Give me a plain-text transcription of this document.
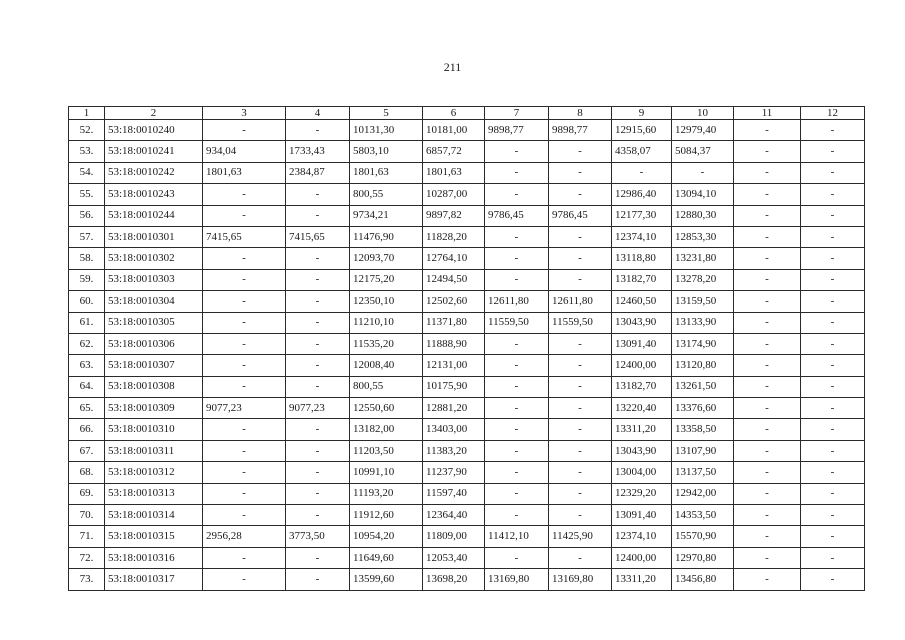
211
1	2	3	4	5	6	7	8	9	10	11	12
52.	53:18:0010240	-	-	10131,30	10181,00	9898,77	9898,77	12915,60	12979,40	-	-
53.	53:18:0010241	934,04	1733,43	5803,10	6857,72	-	-	4358,07	5084,37	-	-
54.	53:18:0010242	1801,63	2384,87	1801,63	1801,63	-	-	-	-	-	-
55.	53:18:0010243	-	-	800,55	10287,00	-	-	12986,40	13094,10	-	-
56.	53:18:0010244	-	-	9734,21	9897,82	9786,45	9786,45	12177,30	12880,30	-	-
57.	53:18:0010301	7415,65	7415,65	11476,90	11828,20	-	-	12374,10	12853,30	-	-
58.	53:18:0010302	-	-	12093,70	12764,10	-	-	13118,80	13231,80	-	-
59.	53:18:0010303	-	-	12175,20	12494,50	-	-	13182,70	13278,20	-	-
60.	53:18:0010304	-	-	12350,10	12502,60	12611,80	12611,80	12460,50	13159,50	-	-
61.	53:18:0010305	-	-	11210,10	11371,80	11559,50	11559,50	13043,90	13133,90	-	-
62.	53:18:0010306	-	-	11535,20	11888,90	-	-	13091,40	13174,90	-	-
63.	53:18:0010307	-	-	12008,40	12131,00	-	-	12400,00	13120,80	-	-
64.	53:18:0010308	-	-	800,55	10175,90	-	-	13182,70	13261,50	-	-
65.	53:18:0010309	9077,23	9077,23	12550,60	12881,20	-	-	13220,40	13376,60	-	-
66.	53:18:0010310	-	-	13182,00	13403,00	-	-	13311,20	13358,50	-	-
67.	53:18:0010311	-	-	11203,50	11383,20	-	-	13043,90	13107,90	-	-
68.	53:18:0010312	-	-	10991,10	11237,90	-	-	13004,00	13137,50	-	-
69.	53:18:0010313	-	-	11193,20	11597,40	-	-	12329,20	12942,00	-	-
70.	53:18:0010314	-	-	11912,60	12364,40	-	-	13091,40	14353,50	-	-
71.	53:18:0010315	2956,28	3773,50	10954,20	11809,00	11412,10	11425,90	12374,10	15570,90	-	-
72.	53:18:0010316	-	-	11649,60	12053,40	-	-	12400,00	12970,80	-	-
73.	53:18:0010317	-	-	13599,60	13698,20	13169,80	13169,80	13311,20	13456,80	-	-
